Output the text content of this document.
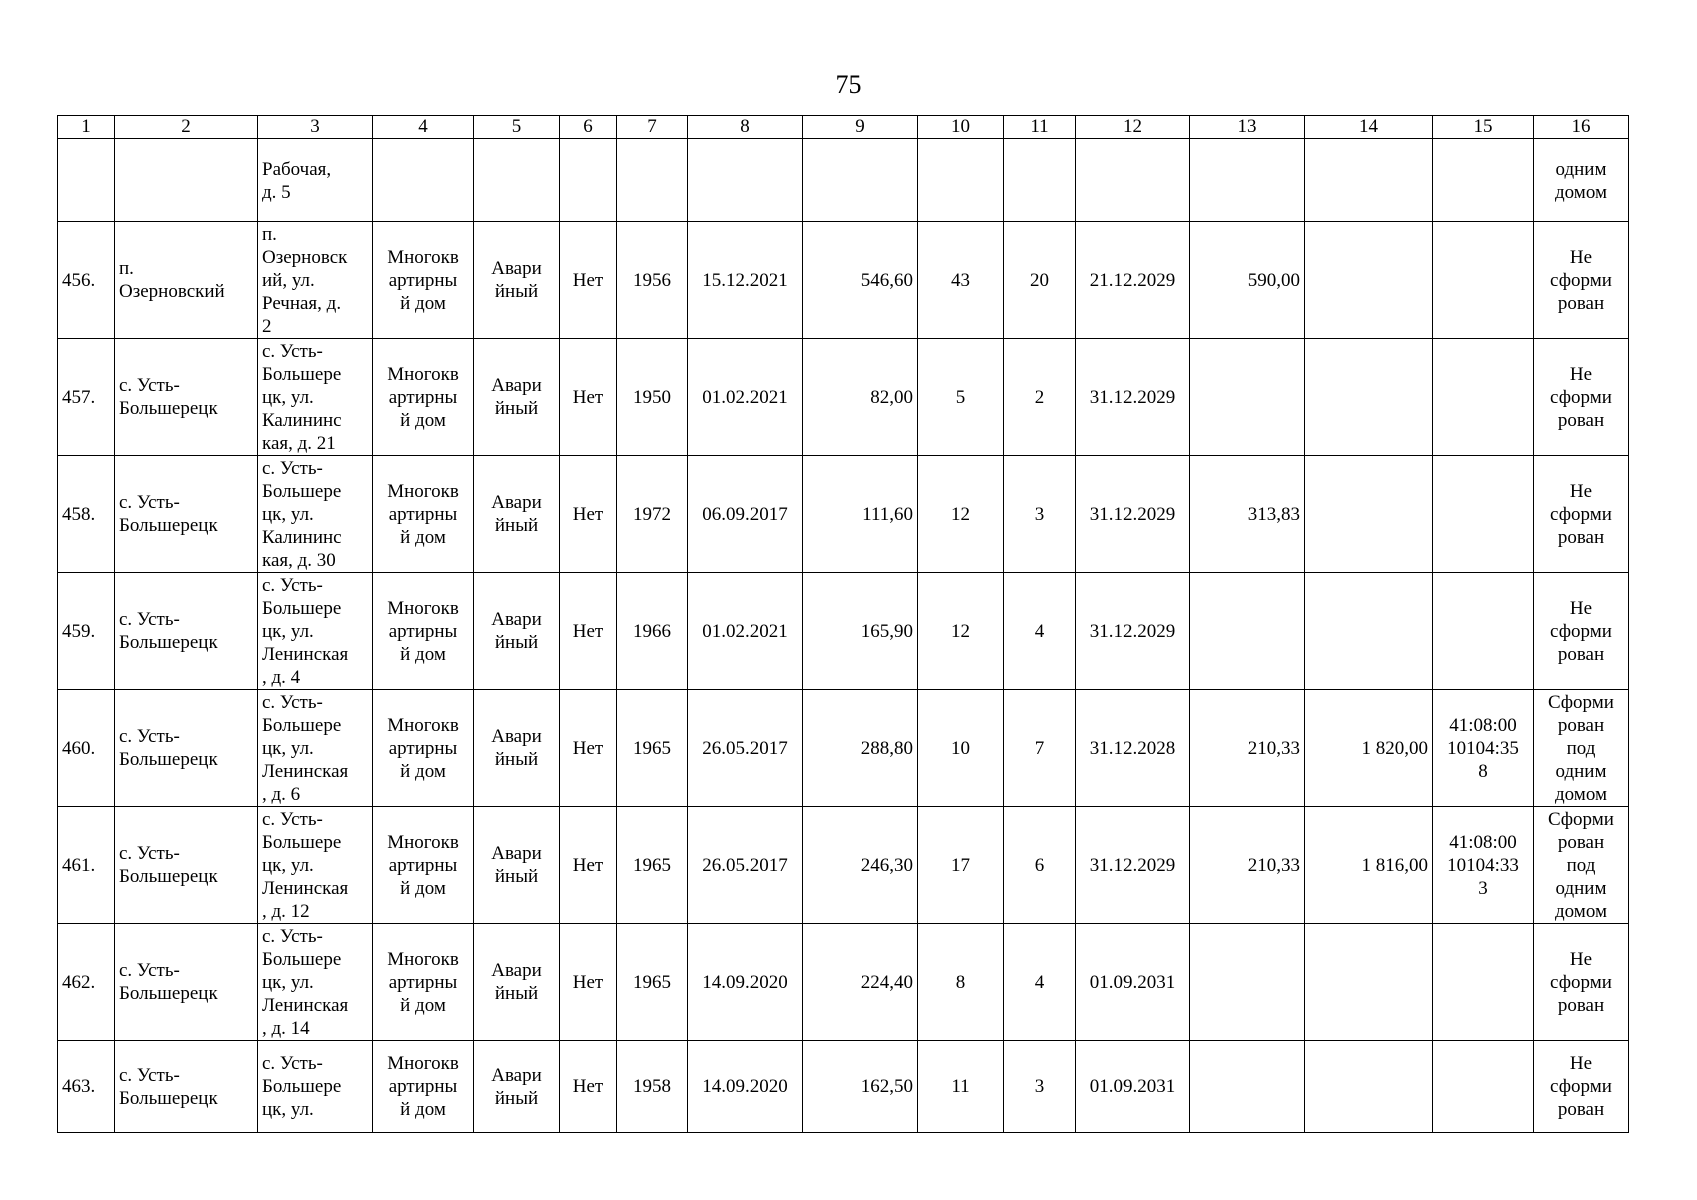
75
1	2	3	4	5	6	7	8	9	10	11	12	13	14	15	16
		Рабочая,
д. 5													одним
домом
456.	п.
Озерновский	п.
Озерновск
ий, ул.
Речная, д.
2	Многокв
артирны
й дом	Авари
йный	Нет	1956	15.12.2021	546,60	43	20	21.12.2029	590,00			Не
сформи
рован
457.	с. Усть-
Большерецк	с. Усть-
Большере
цк, ул.
Калининс
кая, д. 21	Многокв
артирны
й дом	Авари
йный	Нет	1950	01.02.2021	82,00	5	2	31.12.2029				Не
сформи
рован
458.	с. Усть-
Большерецк	с. Усть-
Большере
цк, ул.
Калининс
кая, д. 30	Многокв
артирны
й дом	Авари
йный	Нет	1972	06.09.2017	111,60	12	3	31.12.2029	313,83			Не
сформи
рован
459.	с. Усть-
Большерецк	с. Усть-
Большере
цк, ул.
Ленинская
, д. 4	Многокв
артирны
й дом	Авари
йный	Нет	1966	01.02.2021	165,90	12	4	31.12.2029				Не
сформи
рован
460.	с. Усть-
Большерецк	с. Усть-
Большере
цк, ул.
Ленинская
, д. 6	Многокв
артирны
й дом	Авари
йный	Нет	1965	26.05.2017	288,80	10	7	31.12.2028	210,33	1 820,00	41:08:00
10104:35
8	Сформи
рован
под
одним
домом
461.	с. Усть-
Большерецк	с. Усть-
Большере
цк, ул.
Ленинская
, д. 12	Многокв
артирны
й дом	Авари
йный	Нет	1965	26.05.2017	246,30	17	6	31.12.2029	210,33	1 816,00	41:08:00
10104:33
3	Сформи
рован
под
одним
домом
462.	с. Усть-
Большерецк	с. Усть-
Большере
цк, ул.
Ленинская
, д. 14	Многокв
артирны
й дом	Авари
йный	Нет	1965	14.09.2020	224,40	8	4	01.09.2031				Не
сформи
рован
463.	с. Усть-
Большерецк	с. Усть-
Большере
цк, ул.	Многокв
артирны
й дом	Авари
йный	Нет	1958	14.09.2020	162,50	11	3	01.09.2031				Не
сформи
рован
